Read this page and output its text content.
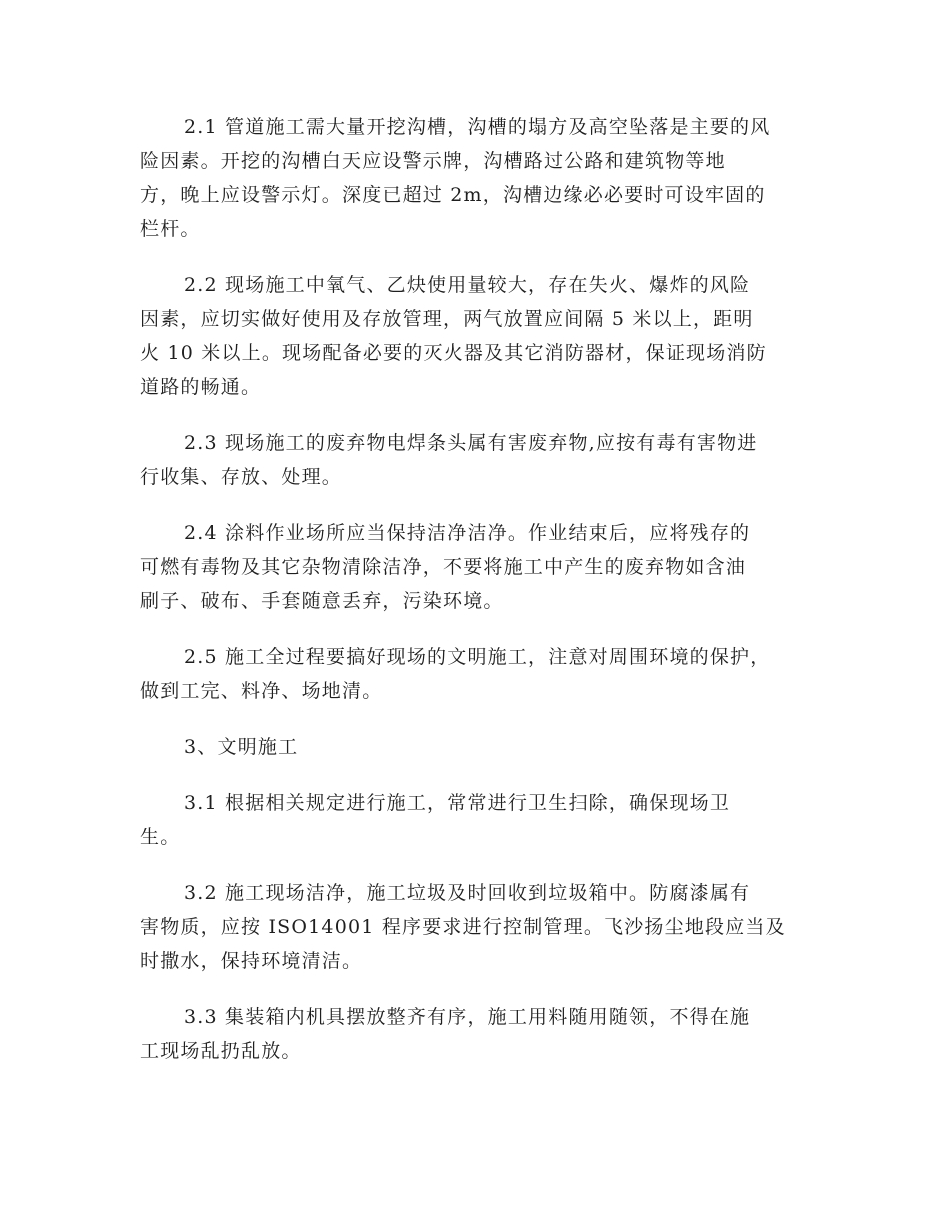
2.1 管道施工需大量开挖沟槽，沟槽的塌方及高空坠落是主要的风
险因素。开挖的沟槽白天应设警示牌，沟槽路过公路和建筑物等地
方，晚上应设警示灯。深度已超过 2m，沟槽边缘必必要时可设牢固的
栏杆。
2.2 现场施工中氧气、乙炔使用量较大，存在失火、爆炸的风险
因素，应切实做好使用及存放管理，两气放置应间隔 5 米以上，距明
火 10 米以上。现场配备必要的灭火器及其它消防器材，保证现场消防
道路的畅通。
2.3 现场施工的废弃物电焊条头属有害废弃物,应按有毒有害物进
行收集、存放、处理。
2.4 涂料作业场所应当保持洁净洁净。作业结束后，应将残存的
可燃有毒物及其它杂物清除洁净，不要将施工中产生的废弃物如含油
刷子、破布、手套随意丢弃，污染环境。
2.5 施工全过程要搞好现场的文明施工，注意对周围环境的保护，
做到工完、料净、场地清。
3、文明施工
3.1 根据相关规定进行施工，常常进行卫生扫除，确保现场卫
生。
3.2 施工现场洁净，施工垃圾及时回收到垃圾箱中。防腐漆属有
害物质，应按 ISO14001 程序要求进行控制管理。飞沙扬尘地段应当及
时撒水，保持环境清洁。
3.3 集装箱内机具摆放整齐有序，施工用料随用随领，不得在施
工现场乱扔乱放。
